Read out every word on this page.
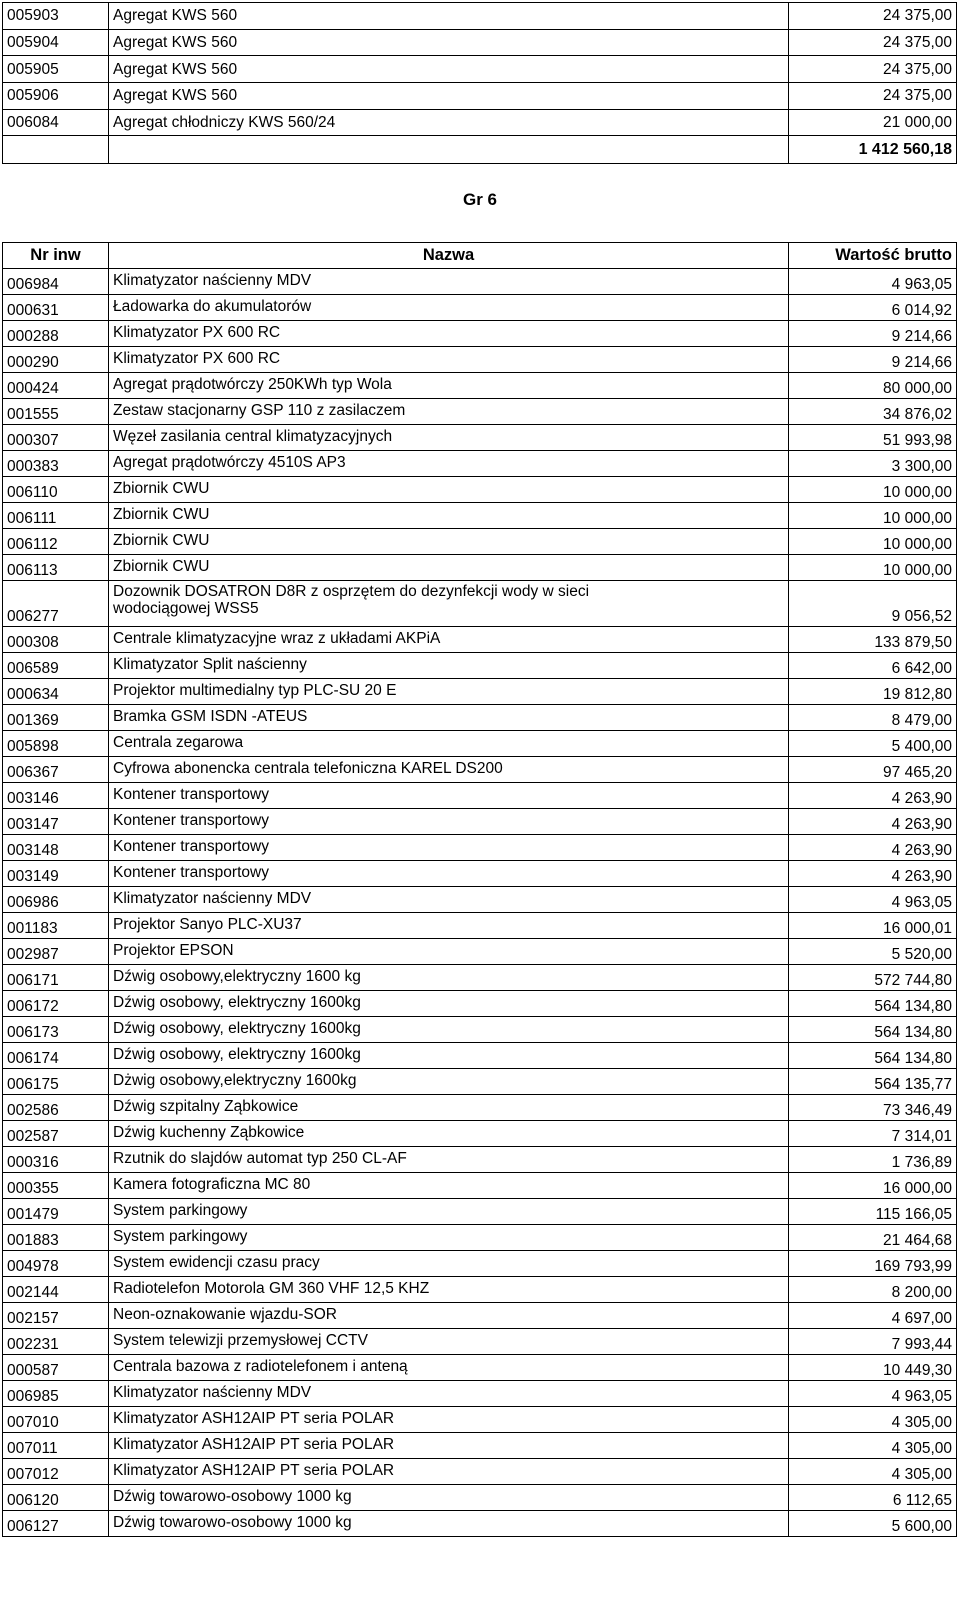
005903	Agregat KWS 560	24 375,00
005904	Agregat KWS 560	24 375,00
005905	Agregat KWS 560	24 375,00
005906	Agregat KWS 560	24 375,00
006084	Agregat chłodniczy KWS 560/24	21 000,00
		1 412 560,18
Gr 6
Nr inw	Nazwa	Wartość brutto
006984	Klimatyzator naścienny MDV	4 963,05
000631	Ładowarka do akumulatorów	6 014,92
000288	Klimatyzator PX 600 RC	9 214,66
000290	Klimatyzator PX 600 RC	9 214,66
000424	Agregat prądotwórczy 250KWh typ Wola	80 000,00
001555	Zestaw stacjonarny GSP 110 z zasilaczem	34 876,02
000307	Węzeł zasilania central klimatyzacyjnych	51 993,98
000383	Agregat prądotwórczy 4510S AP3	3 300,00
006110	Zbiornik CWU	10 000,00
006111	Zbiornik CWU	10 000,00
006112	Zbiornik CWU	10 000,00
006113	Zbiornik CWU	10 000,00
006277	Dozownik DOSATRON D8R z osprzętem do dezynfekcji wody w sieci
wodociągowej WSS5	9 056,52
000308	Centrale klimatyzacyjne wraz z układami AKPiA	133 879,50
006589	Klimatyzator Split naścienny	6 642,00
000634	Projektor multimedialny typ PLC-SU 20 E	19 812,80
001369	Bramka GSM ISDN -ATEUS	8 479,00
005898	Centrala zegarowa	5 400,00
006367	Cyfrowa abonencka centrala telefoniczna KAREL DS200	97 465,20
003146	Kontener transportowy	4 263,90
003147	Kontener transportowy	4 263,90
003148	Kontener transportowy	4 263,90
003149	Kontener transportowy	4 263,90
006986	Klimatyzator naścienny MDV	4 963,05
001183	Projektor Sanyo PLC-XU37	16 000,01
002987	Projektor EPSON	5 520,00
006171	Dźwig osobowy,elektryczny 1600 kg	572 744,80
006172	Dźwig osobowy, elektryczny 1600kg	564 134,80
006173	Dźwig osobowy, elektryczny 1600kg	564 134,80
006174	Dźwig osobowy, elektryczny 1600kg	564 134,80
006175	Dżwig osobowy,elektryczny 1600kg	564 135,77
002586	Dźwig szpitalny Ząbkowice	73 346,49
002587	Dźwig kuchenny Ząbkowice	7 314,01
000316	Rzutnik do slajdów automat typ 250 CL-AF	1 736,89
000355	Kamera fotograficzna MC 80	16 000,00
001479	System parkingowy	115 166,05
001883	System parkingowy	21 464,68
004978	System ewidencji czasu pracy	169 793,99
002144	Radiotelefon Motorola GM 360 VHF 12,5 KHZ	8 200,00
002157	Neon-oznakowanie wjazdu-SOR	4 697,00
002231	System telewizji przemysłowej CCTV	7 993,44
000587	Centrala bazowa z radiotelefonem i anteną	10 449,30
006985	Klimatyzator naścienny MDV	4 963,05
007010	Klimatyzator ASH12AIP PT seria POLAR	4 305,00
007011	Klimatyzator ASH12AIP PT seria POLAR	4 305,00
007012	Klimatyzator ASH12AIP PT seria POLAR	4 305,00
006120	Dźwig towarowo-osobowy 1000 kg	6 112,65
006127	Dźwig towarowo-osobowy 1000 kg	5 600,00
